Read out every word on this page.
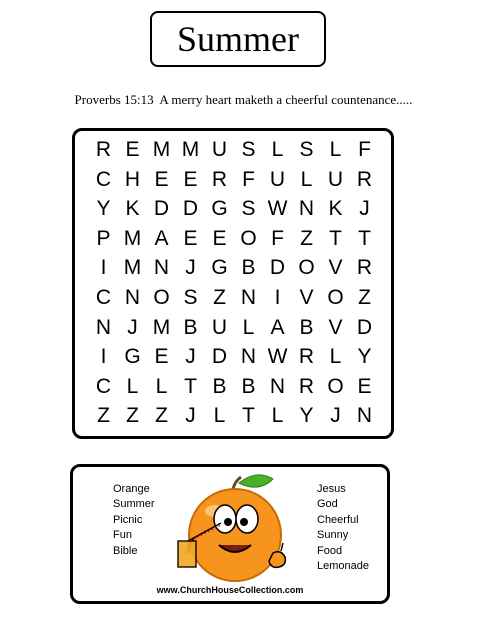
Summer
Proverbs 15:13  A merry heart maketh a cheerful countenance.....
R E M M U S L S L F
C H E E R F U L U R
Y K D D G S W N K J
P M A E E O F Z T T
I M N J G B D O V R
C N O S Z N I V O Z
N J M B U L A B V D
I G E J D N W R L Y
C L L T B B N R O E
Z Z Z J L T L Y J N
Orange
Summer
Picnic
Fun
Bible
Jesus
God
Cheerful
Sunny
Food
Lemonade
www.ChurchHouseCollection.com
